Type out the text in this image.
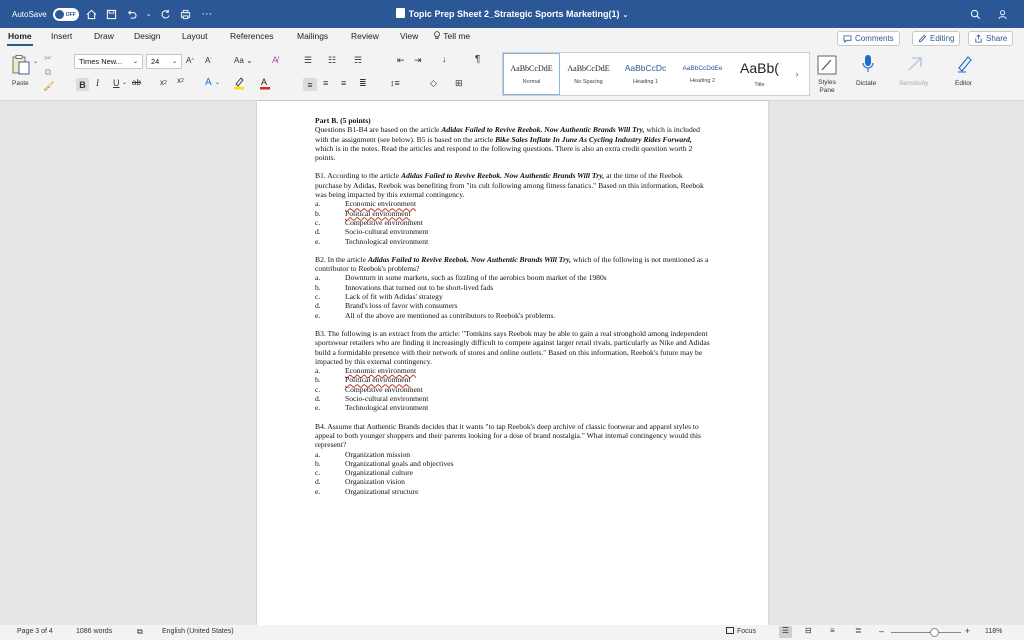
AutoSave	OFF	⌄	···	Topic Prep Sheet 2_Strategic Sports Marketing(1) ⌄
Home Insert	Draw Design	Layout	References	Mailings	Review View	Tell me	Comments	Editing	Share
⌄
Paste
✂
⧉
🖌
Times New... ⌄ 24 ⌄ A ^ A ˇ	Aa ⌄ A̸
B	I U ⌄ ab x 2 x 2 A ⌄	A
☰ ☷ ☴	⇤ ⇥ ↓	¶
≡	≡ ≡ ≣	↕≡	◇ ⊞
AaBbCcDdE
Normal
AaBbCcDdE
No Spacing
AaBbCcDc
Heading 1
AaBbCcDdEe
Heading 2
AaBb(
Title
›
Styles Pane
Dictate	Sensitivity	Editor

Part B. (5 points)

Questions B1-B4 are based on the article Adidas Failed to Revive Reebok. Now Authentic Brands Will Try, which is included with the assignment (see below). B5 is based on the article Bike Sales Inflate In June As Cycling Industry Rides Forward, which is in the notes. Read the articles and respond to the following questions. There is also an extra credit question worth 2 points.

B1. According to the article Adidas Failed to Revive Reebok. Now Authentic Brands Will Try, at the time of the Reebok purchase by Adidas, Reebok was benefiting from "its cult following among fitness fanatics." Based on this information, Reebok was being impacted by this external contingency.

a.	Economic environment
b.	Political environment
c.	Competitive environment
d.	Socio-cultural environment
e.	Technological environment

B2. In the article Adidas Failed to Revive Reebok. Now Authentic Brands Will Try, which of the following is not mentioned as a contributor to Reebok's problems?

a.	Downturn in some markets, such as fizzling of the aerobics boom market of the 1980s
b.	Innovations that turned out to be short-lived fads
c.	Lack of fit with Adidas' strategy
d.	Brand's loss of favor with consumers
e.	All of the above are mentioned as contributors to Reebok's problems.

B3. The following is an extract from the article: "Tomkins says Reebok may be able to gain a real stronghold among independent sportswear retailers who are finding it increasingly difficult to compete against larger retail rivals, particularly as Nike and Adidas build a formidable presence with their network of stores and online outlets." Based on this information, Reebok's future may be impacted by this external contingency.

a.	Economic environment
b.	Political environment
c.	Competitive environment
d.	Socio-cultural environment
e.	Technological environment

B4. Assume that Authentic Brands decides that it wants "to tap Reebok's deep archive of classic footwear and apparel styles to appeal to both younger shoppers and their parents looking for a dose of brand nostalgia." What internal contingency would this represent?

a.	Organization mission
b.	Organizational goals and objectives
c.	Organizational culture
d.	Organization vision
e.	Organizational structure
Page 3 of 4	1086 words	⧉	English (United States)	Focus	☰	⊟ ≡	≣ –	+ 118%
